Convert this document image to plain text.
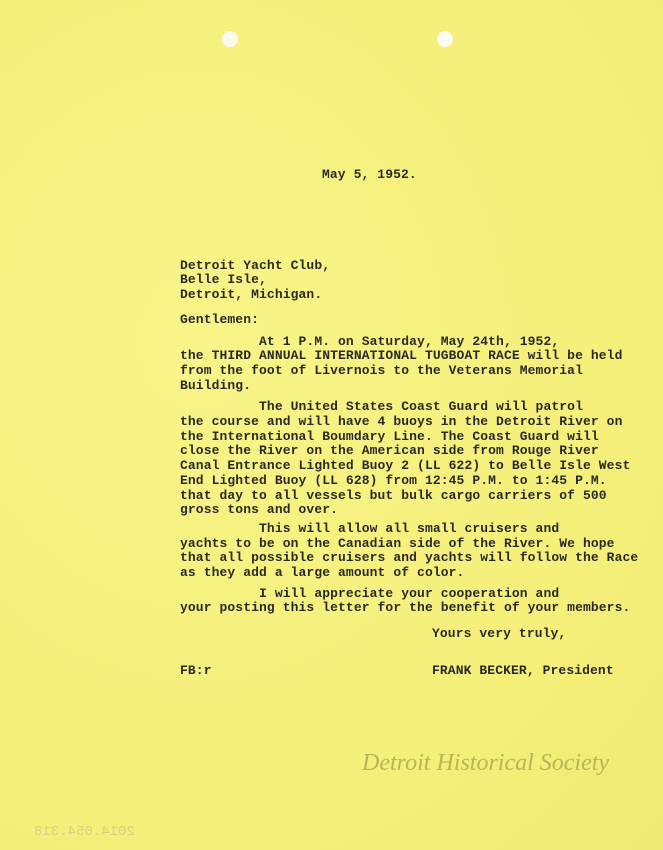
May 5, 1952.
Detroit Yacht Club,
Belle Isle,
Detroit, Michigan.
Gentlemen:
At 1 P.M. on Saturday, May 24th, 1952,
the THIRD ANNUAL INTERNATIONAL TUGBOAT RACE will be held
from the foot of Livernois to the Veterans Memorial
Building.
The United States Coast Guard will patrol
the course and will have 4 buoys in the Detroit River on
the International Boumdary Line. The Coast Guard will
close the River on the American side from Rouge River
Canal Entrance Lighted Buoy 2 (LL 622) to Belle Isle West
End Lighted Buoy (LL 628) from 12:45 P.M. to 1:45 P.M.
that day to all vessels but bulk cargo carriers of 500
gross tons and over.
This will allow all small cruisers and
yachts to be on the Canadian side of the River. We hope
that all possible cruisers and yachts will follow the Race
as they add a large amount of color.
I will appreciate your cooperation and
your posting this letter for the benefit of your members.
Yours very truly,
FB:r	FRANK BECKER, President
Detroit Historical Society
2014.054.318
